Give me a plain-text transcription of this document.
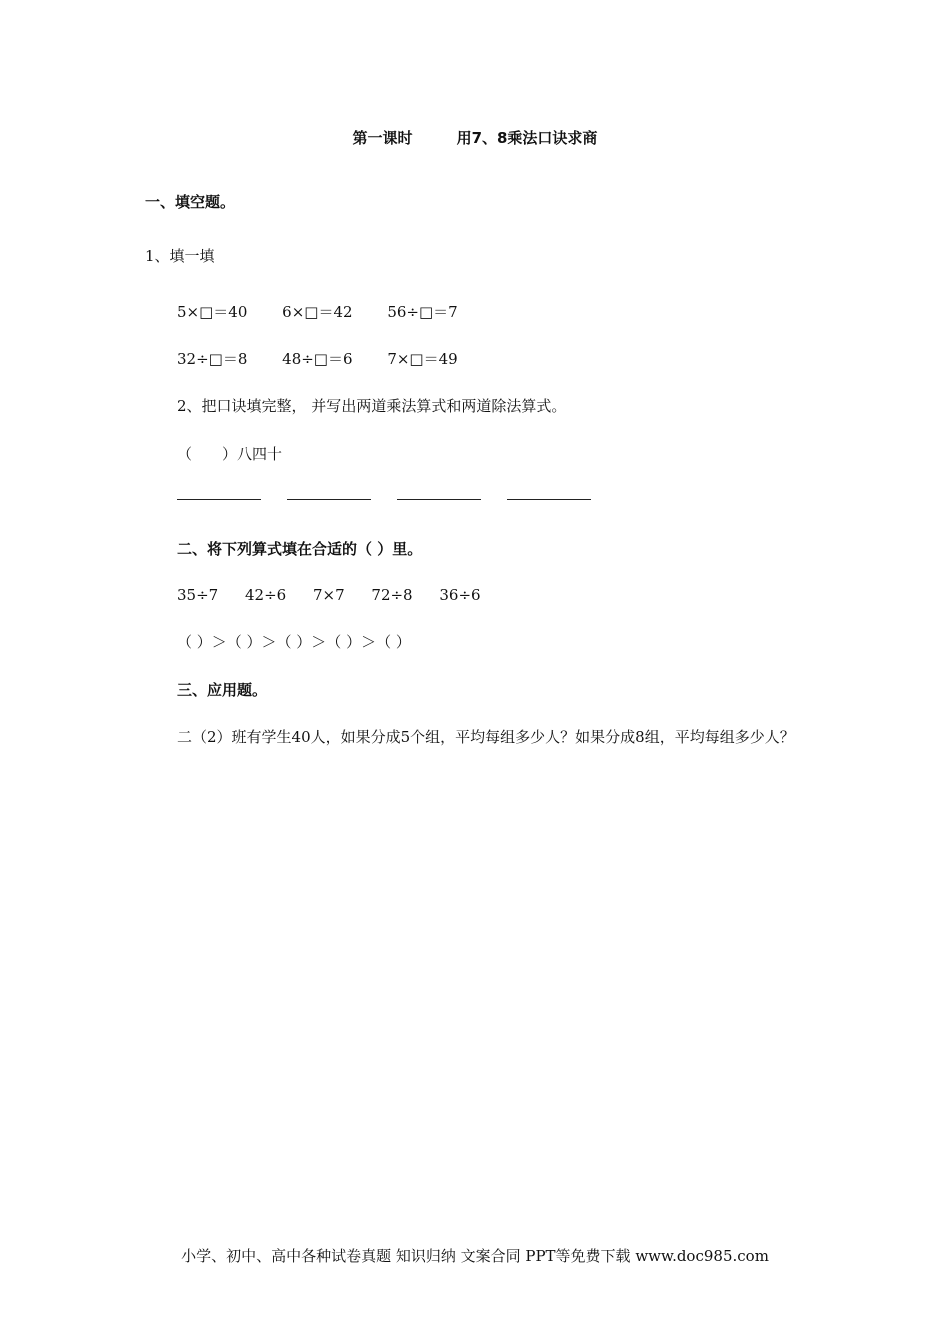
第一课时	用7、8乘法口诀求商
一、填空题。
1、填一填
5×□＝40 6×□＝42 56÷□＝7
32÷□＝8 48÷□＝6 7×□＝49
2、把口诀填完整， 并写出两道乘法算式和两道除法算式。
（　　）八四十
二、将下列算式填在合适的（ ）里。
35÷7 42÷6 7×7 72÷8 36÷6
（ ）＞（ ）＞（ ）＞（ ）＞（ ）
三、应用题。
二（2）班有学生40人，如果分成5个组，平均每组多少人？如果分成8组，平均每组多少人？
小学、初中、高中各种试卷真题 知识归纳 文案合同 PPT等免费下载 www.doc985.com
